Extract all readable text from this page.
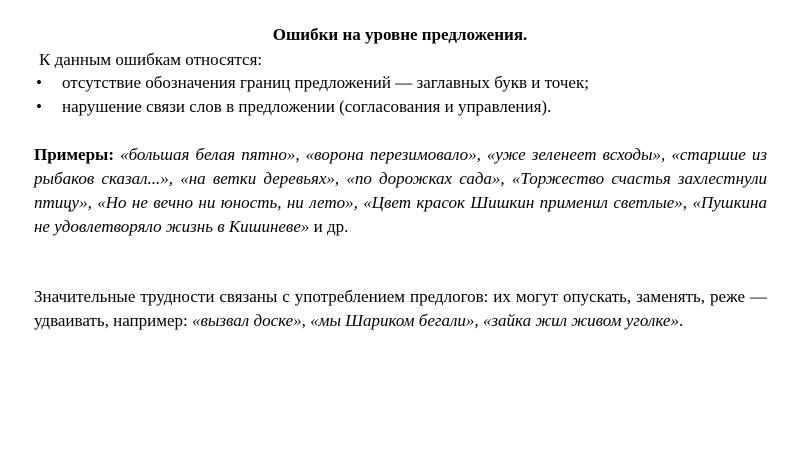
Ошибки на уровне предложения.
К данным ошибкам относятся:
• отсутствие обозначения границ предложений — заглавных букв и точек;
• нарушение связи слов в предложении (согласования и управления).

Примеры: «большая белая пятно», «ворона перезимовало», «уже зеленеет всходы», «старшие из рыбаков сказал...», «на ветки деревьях», «по дорожках сада», «Торжество счастья захлестнули птицу», «Но не вечно ни юность, ни лето», «Цвет красок Шишкин применил светлые», «Пушкина не удовлетворяло жизнь в Кишиневе» и др.

Значительные трудности связаны с употреблением предлогов: их могут опускать, заменять, реже — удваивать, например: «вызвал доске», «мы Шариком бегали», «зайка жил живом уголке».
